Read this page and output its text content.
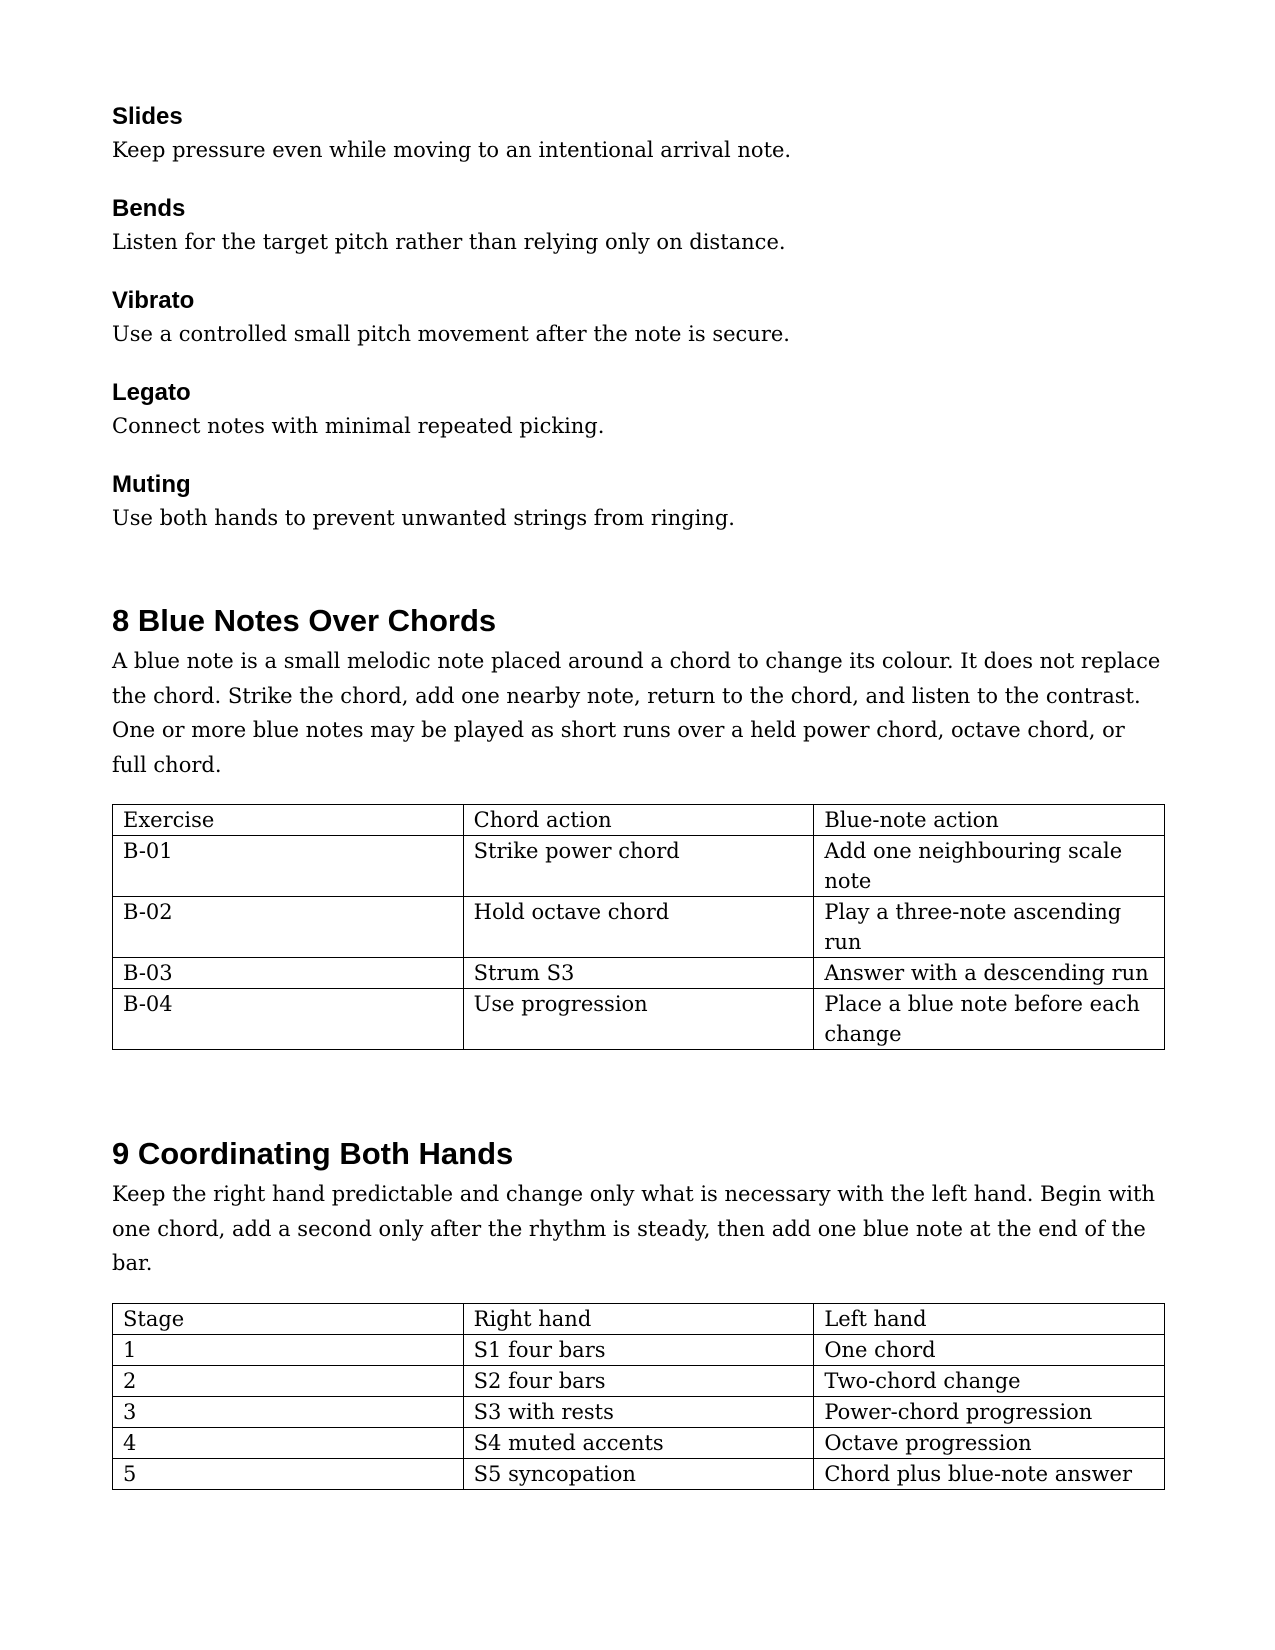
Slides

Keep pressure even while moving to an intentional arrival note.

Bends

Listen for the target pitch rather than relying only on distance.

Vibrato

Use a controlled small pitch movement after the note is secure.

Legato

Connect notes with minimal repeated picking.

Muting

Use both hands to prevent unwanted strings from ringing.

8 Blue Notes Over Chords

A blue note is a small melodic note placed around a chord to change its colour. It does not replace the chord. Strike the chord, add one nearby note, return to the chord, and listen to the contrast. One or more blue notes may be played as short runs over a held power chord, octave chord, or full chord.

Exercise	Chord action	Blue-note action
B-01	Strike power chord	Add one neighbouring scale note
B-02	Hold octave chord	Play a three-note ascending run
B-03	Strum S3	Answer with a descending run
B-04	Use progression	Place a blue note before each change
9 Coordinating Both Hands

Keep the right hand predictable and change only what is necessary with the left hand. Begin with one chord, add a second only after the rhythm is steady, then add one blue note at the end of the bar.

Stage	Right hand	Left hand
1	S1 four bars	One chord
2	S2 four bars	Two-chord change
3	S3 with rests	Power-chord progression
4	S4 muted accents	Octave progression
5	S5 syncopation	Chord plus blue-note answer
